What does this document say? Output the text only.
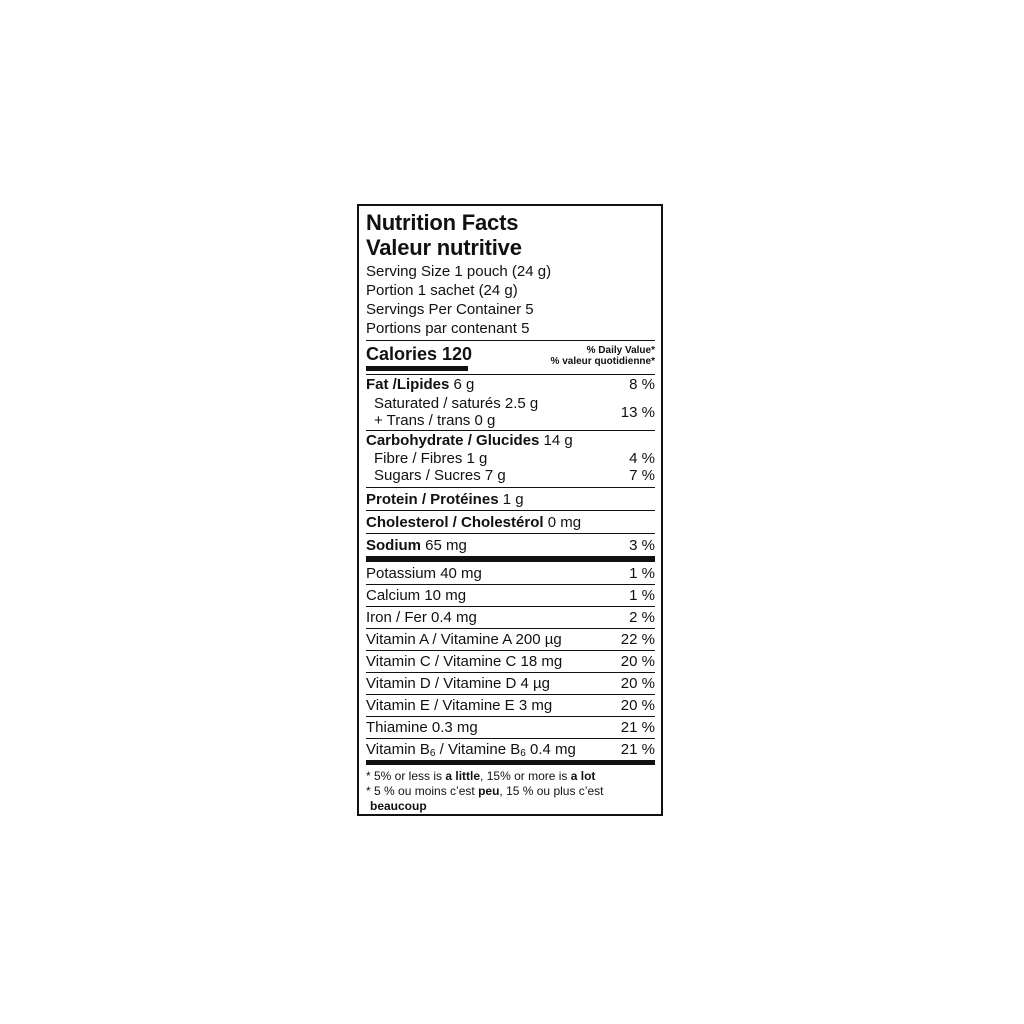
Nutrition Facts
Valeur nutritive
Serving Size 1 pouch (24 g)
Portion 1 sachet (24 g)
Servings Per Container 5
Portions par contenant 5
Calories 120	% Daily Value*
% valeur quotidienne*
Fat /Lipides 6 g	8 %
Saturated / saturés 2.5 g
+ Trans / trans 0 g	13 %
Carbohydrate / Glucides 14 g
Fibre / Fibres 1 g	4 %
Sugars / Sucres 7 g	7 %
Protein / Protéines 1 g
Cholesterol / Cholestérol 0 mg
Sodium 65 mg	3 %
Potassium 40 mg	1 %
Calcium 10 mg	1 %
Iron / Fer 0.4 mg	2 %
Vitamin A / Vitamine A 200 µg	22 %
Vitamin C / Vitamine C 18 mg	20 %
Vitamin D / Vitamine D 4 µg	20 %
Vitamin E / Vitamine E 3 mg	20 %
Thiamine 0.3 mg	21 %
Vitamin $B_6$ / Vitamine $B_6$ 0.4 mg	21 %
* 5% or less is a little, 15% or more is a lot
* 5 % ou moins c’est peu, 15 % ou plus c’est
beaucoup
